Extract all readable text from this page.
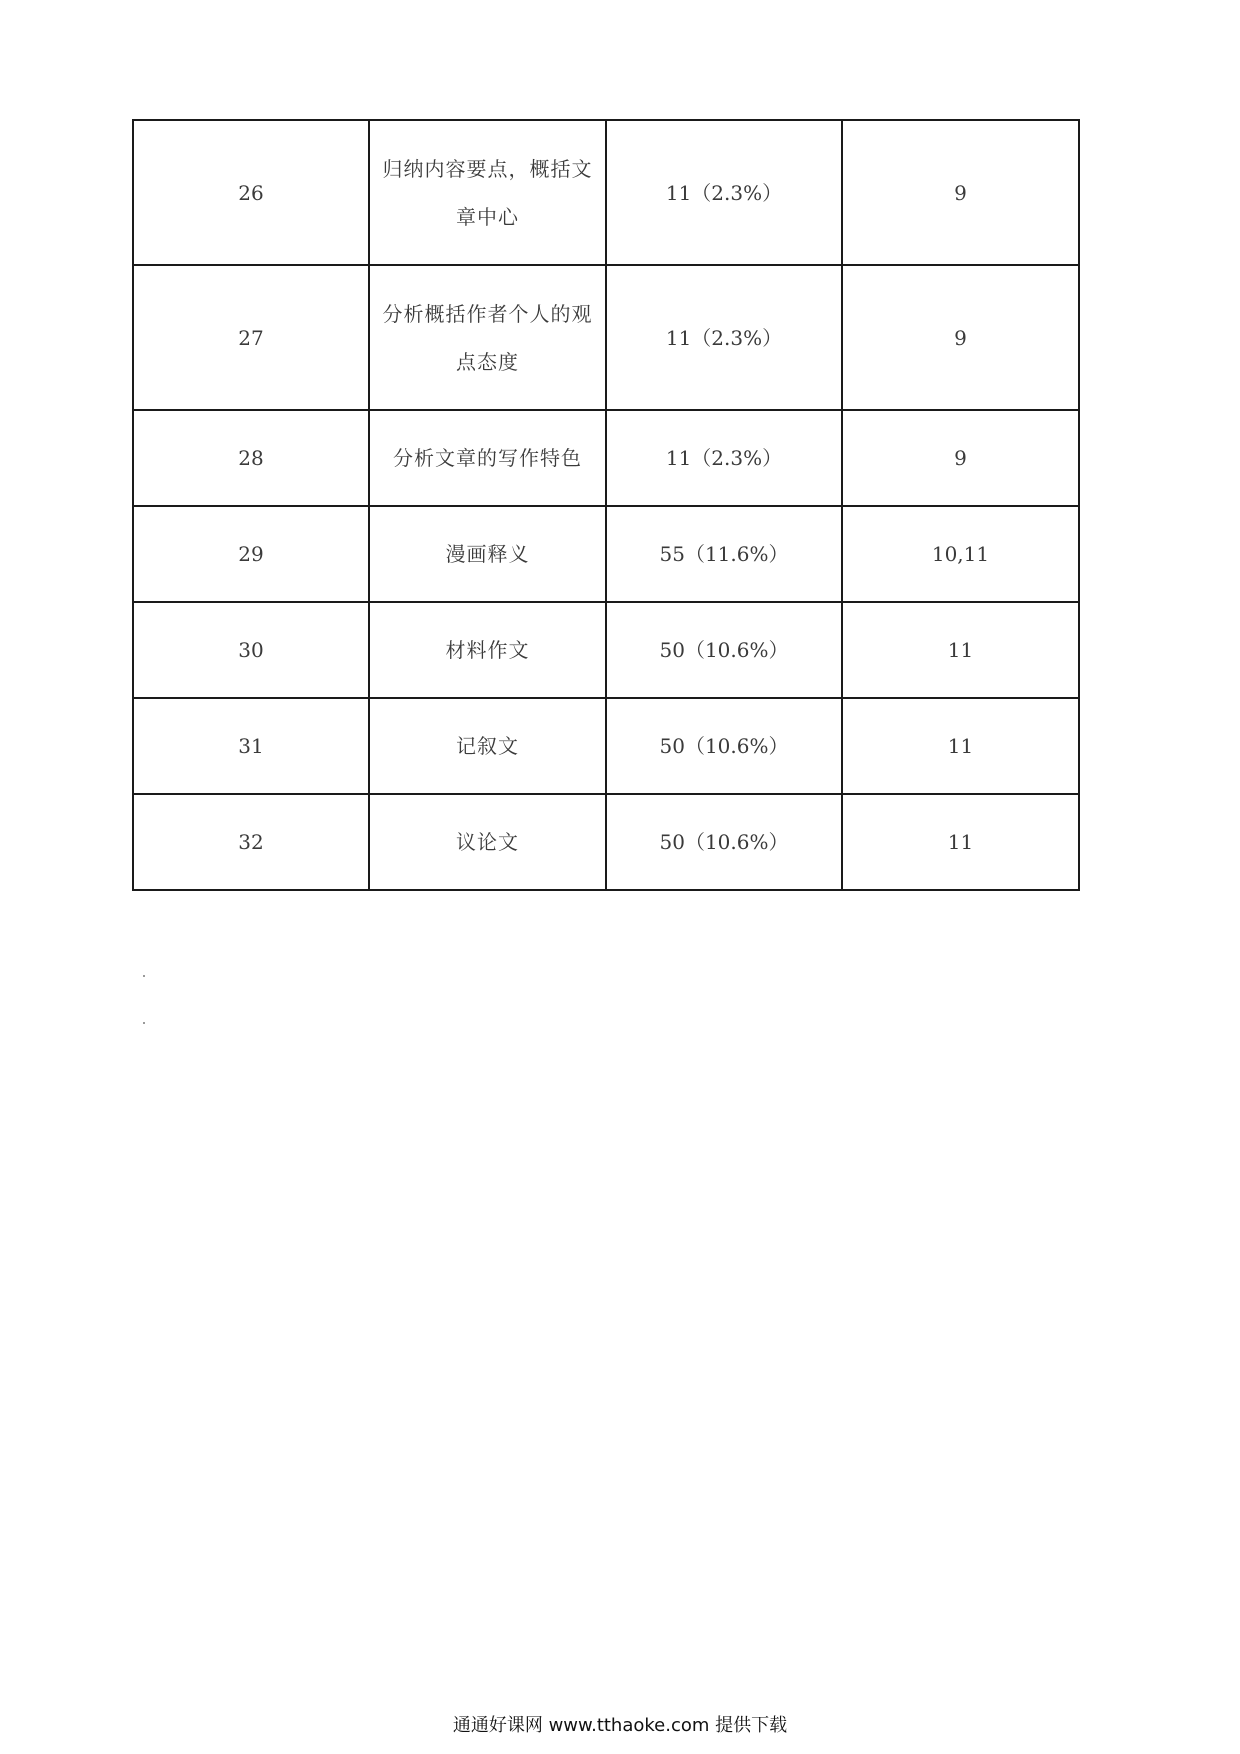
26	归纳内容要点，概括文章中心	11（2.3%）	9
27	分析概括作者个人的观点态度	11（2.3%）	9
28	分析文章的写作特色	11（2.3%）	9
29	漫画释义	55（11.6%）	10,11
30	材料作文	50（10.6%）	11
31	记叙文	50（10.6%）	11
32	议论文	50（10.6%）	11
通通好课网 www.tthaoke.com 提供下载
